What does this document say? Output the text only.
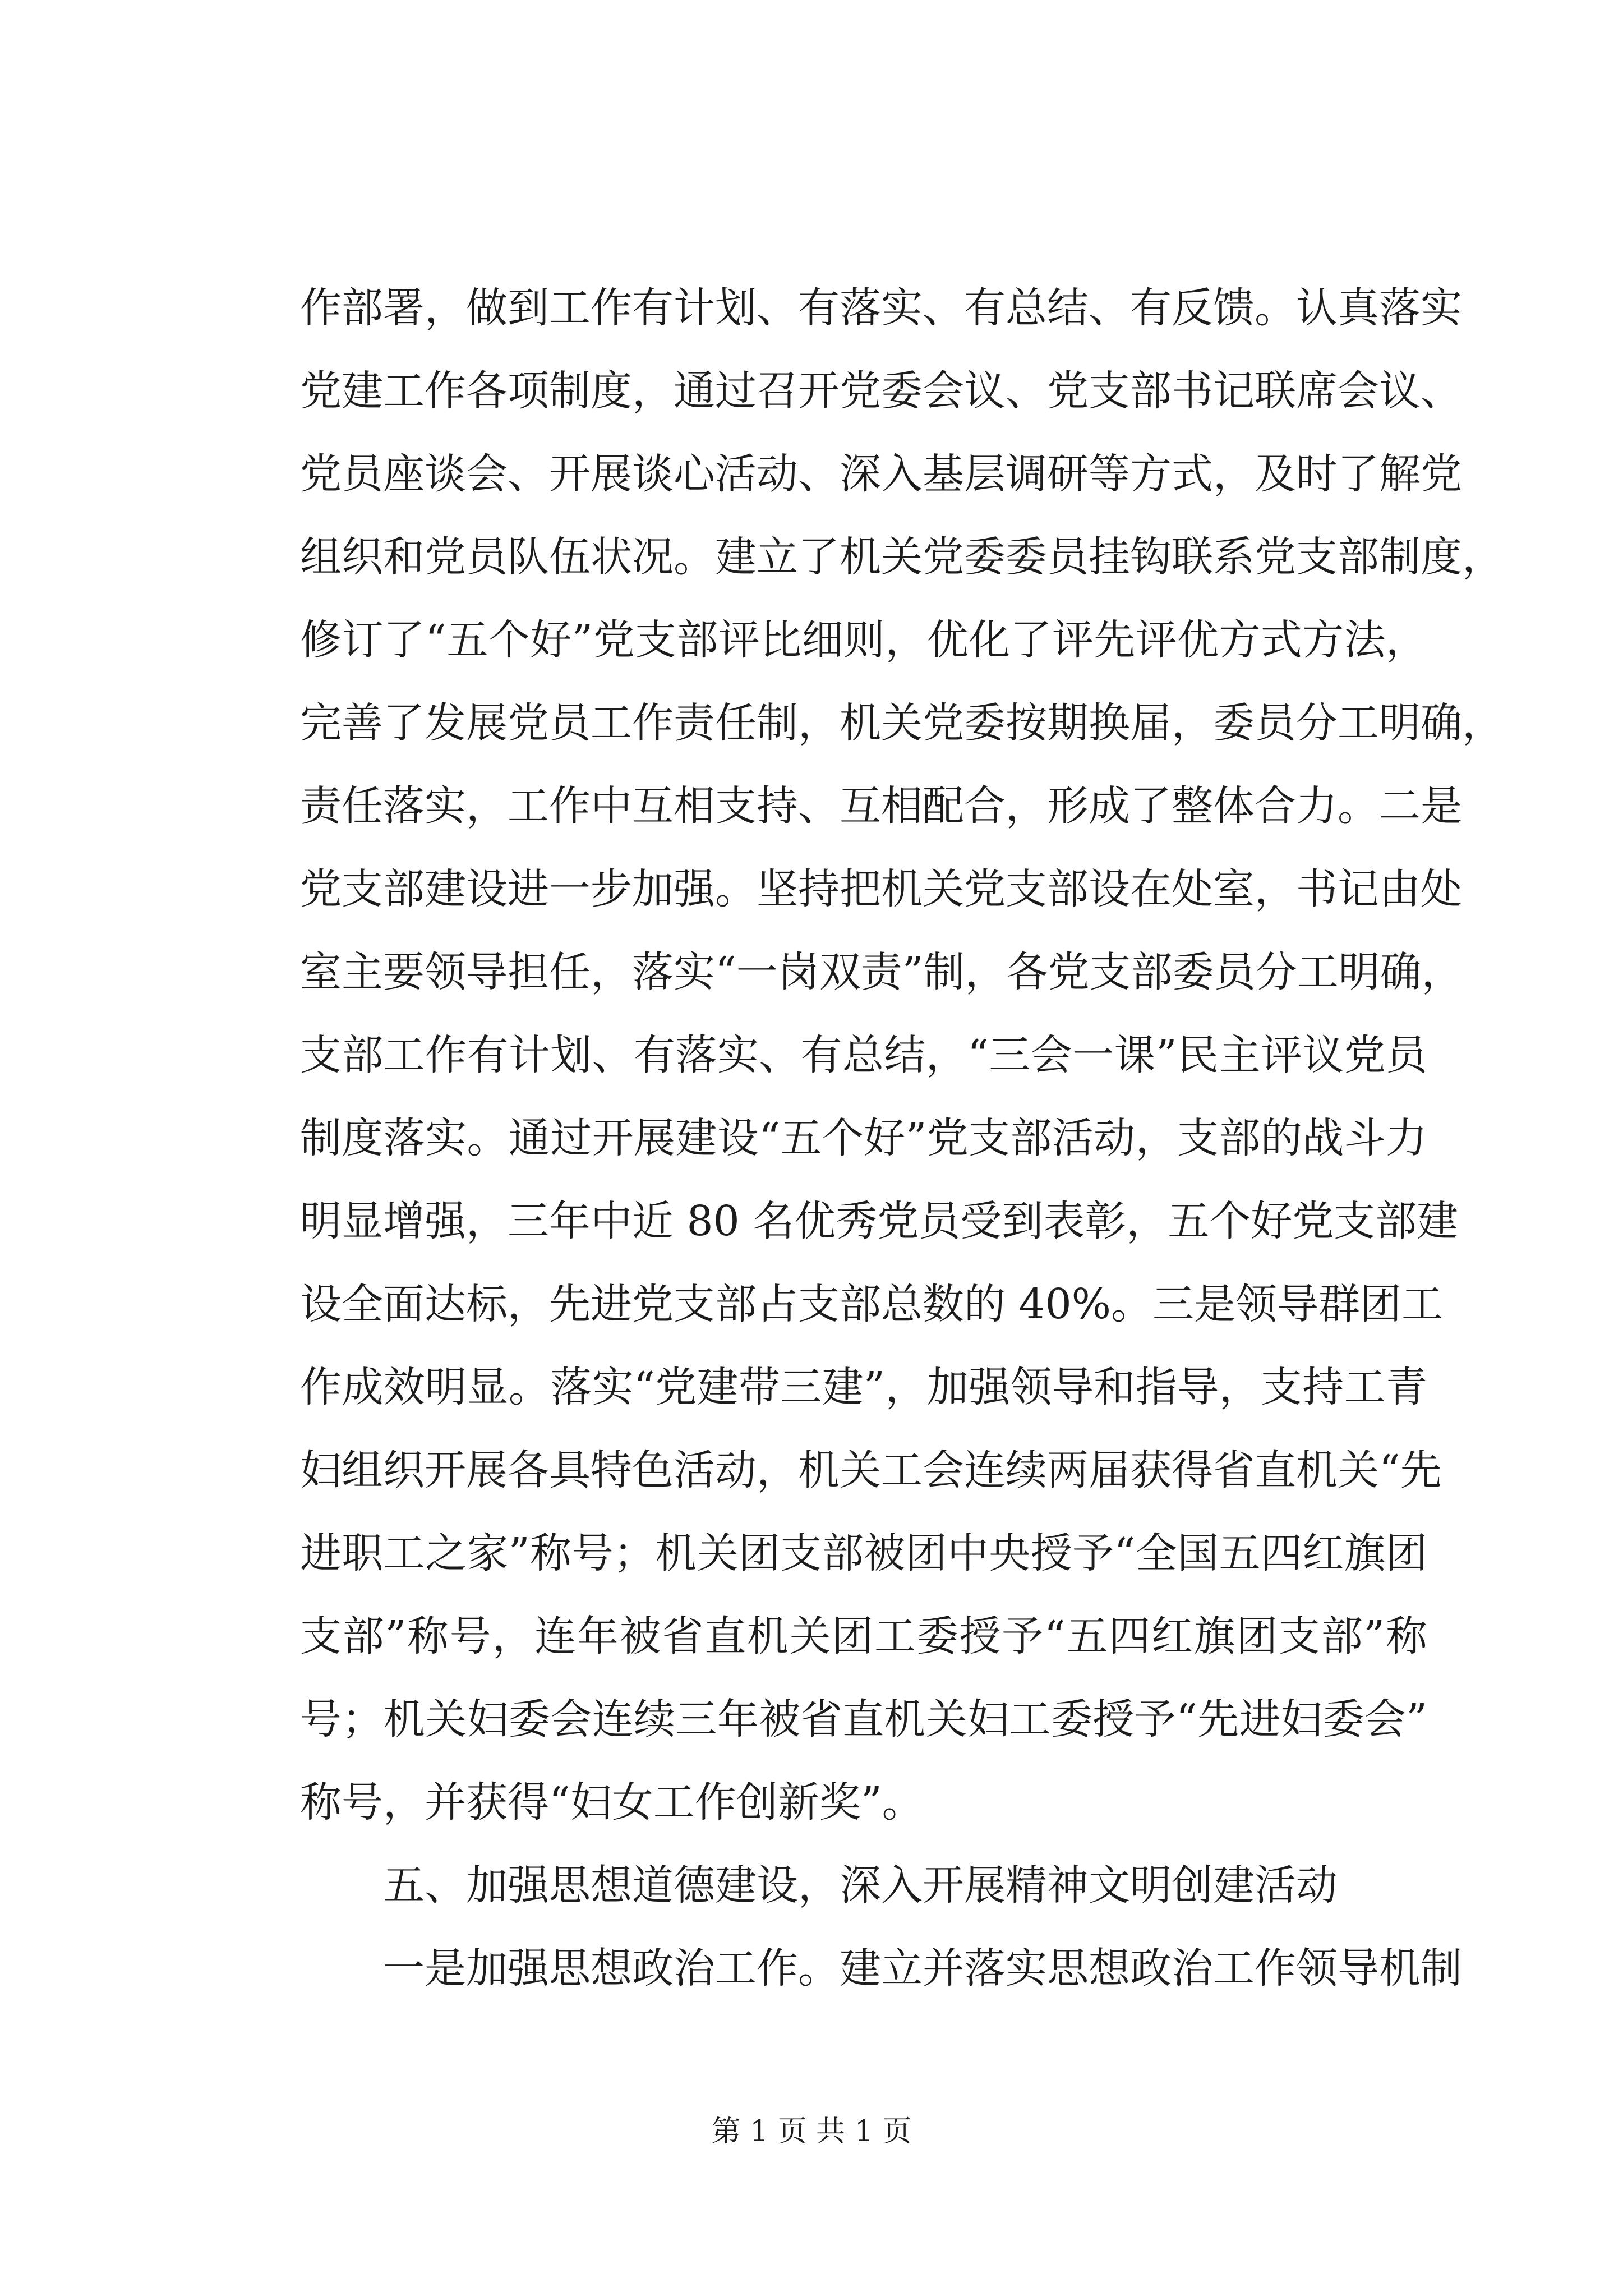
作部署，做到工作有计划、有落实、有总结、有反馈。认真落实
党建工作各项制度，通过召开党委会议、党支部书记联席会议、
党员座谈会、开展谈心活动、深入基层调研等方式，及时了解党
组织和党员队伍状况。建立了机关党委委员挂钩联系党支部制度，
修订了“五个好”党支部评比细则，优化了评先评优方式方法，
完善了发展党员工作责任制，机关党委按期换届，委员分工明确，
责任落实，工作中互相支持、互相配合，形成了整体合力。二是
党支部建设进一步加强。坚持把机关党支部设在处室，书记由处
室主要领导担任，落实“一岗双责”制，各党支部委员分工明确，
支部工作有计划、有落实、有总结，“三会一课”民主评议党员
制度落实。通过开展建设“五个好”党支部活动，支部的战斗力
明显增强，三年中近 80 名优秀党员受到表彰，五个好党支部建
设全面达标，先进党支部占支部总数的 40%。三是领导群团工
作成效明显。落实“党建带三建”，加强领导和指导，支持工青
妇组织开展各具特色活动，机关工会连续两届获得省直机关“先
进职工之家”称号；机关团支部被团中央授予“全国五四红旗团
支部”称号，连年被省直机关团工委授予“五四红旗团支部”称
号；机关妇委会连续三年被省直机关妇工委授予“先进妇委会”
称号，并获得“妇女工作创新奖”。
五、加强思想道德建设，深入开展精神文明创建活动
一是加强思想政治工作。建立并落实思想政治工作领导机制
第 1 页 共 1 页
